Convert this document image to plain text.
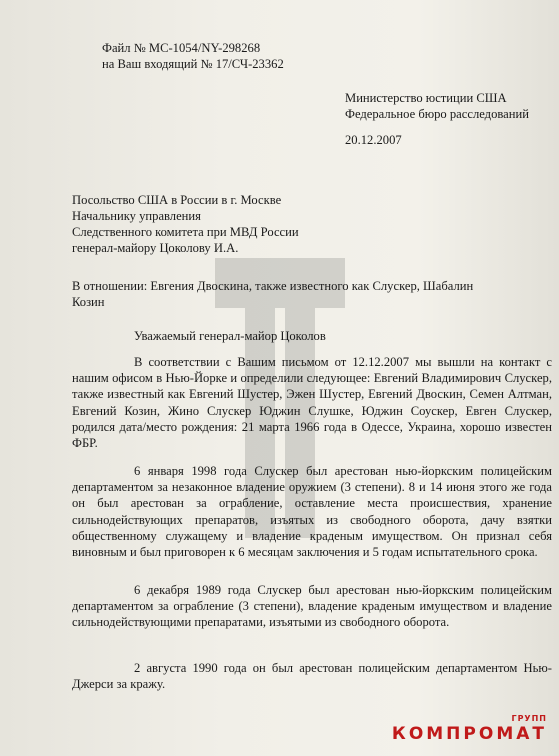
Файл № МС-1054/NY-298268
на Ваш входящий № 17/СЧ-23362
Министерство юстиции США
Федеральное бюро расследований
20.12.2007
Посольство США в России в г. Москве
Начальнику управления
Следственного комитета при МВД России
генерал-майору Цоколову И.А.
В отношении: Евгения Двоскина, также известного как Слускер, Шабалин
Козин
Уважаемый генерал-майор Цоколов
В соответствии с Вашим письмом от 12.12.2007 мы вышли на контакт с нашим офисом в Нью-Йорке и определили следующее: Евгений Владимирович Слускер, также известный как Евгений Шустер, Эжен Шустер, Евгений Двоскин, Семен Алтман, Евгений Козин, Жино Слускер Юджин Слушке, Юджин Соускер, Евген Слускер, родился дата/место рождения: 21 марта 1966 года в Одессе, Украина, хорошо известен ФБР.
6 января 1998 года Слускер был арестован нью-йоркским полицейским департаментом за незаконное владение оружием (3 степени). 8 и 14 июня этого же года он был арестован за ограбление, оставление места происшествия, хранение сильнодействующих препаратов, изъятых из свободного оборота, дачу взятки общественному служащему и владение краденым имуществом. Он признал себя виновным и был приговорен к 6 месяцам заключения и 5 годам испытательного срока.
6 декабря 1989 года Слускер был арестован нью-йоркским полицейским департаментом за ограбление (3 степени), владение краденым имуществом и владение сильнодействующими препаратами, изъятыми из свободного оборота.
2 августа 1990 года он был арестован полицейским департаментом Нью-Джерси за кражу.
ГРУПП
КОМПРОМАТ
